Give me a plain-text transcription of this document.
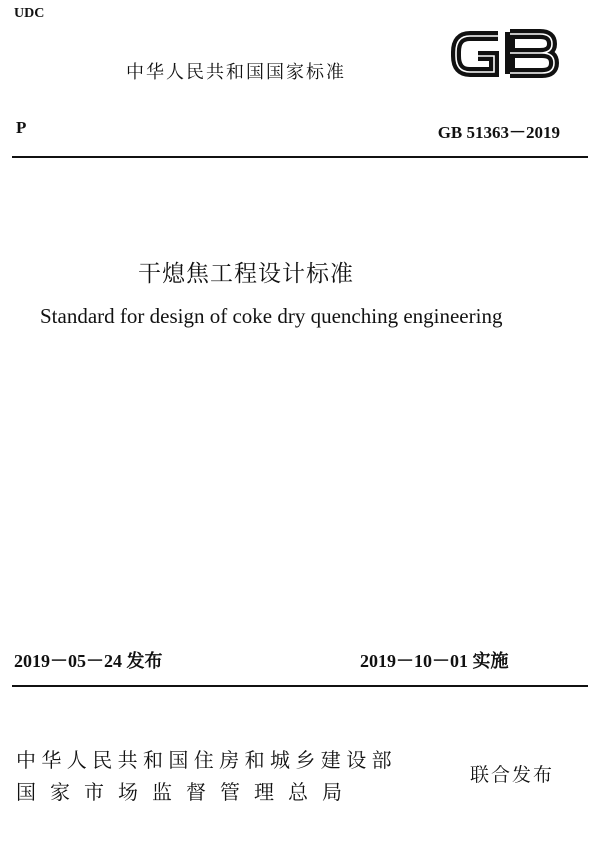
UDC
中华人民共和国国家标准
P	GB 51363－2019
干熄焦工程设计标准
Standard for design of coke dry quenching engineering
2019－05－24 发布	2019－10－01 实施
中华人民共和国住房和城乡建设部
国家市场监督管理总局
联合发布
